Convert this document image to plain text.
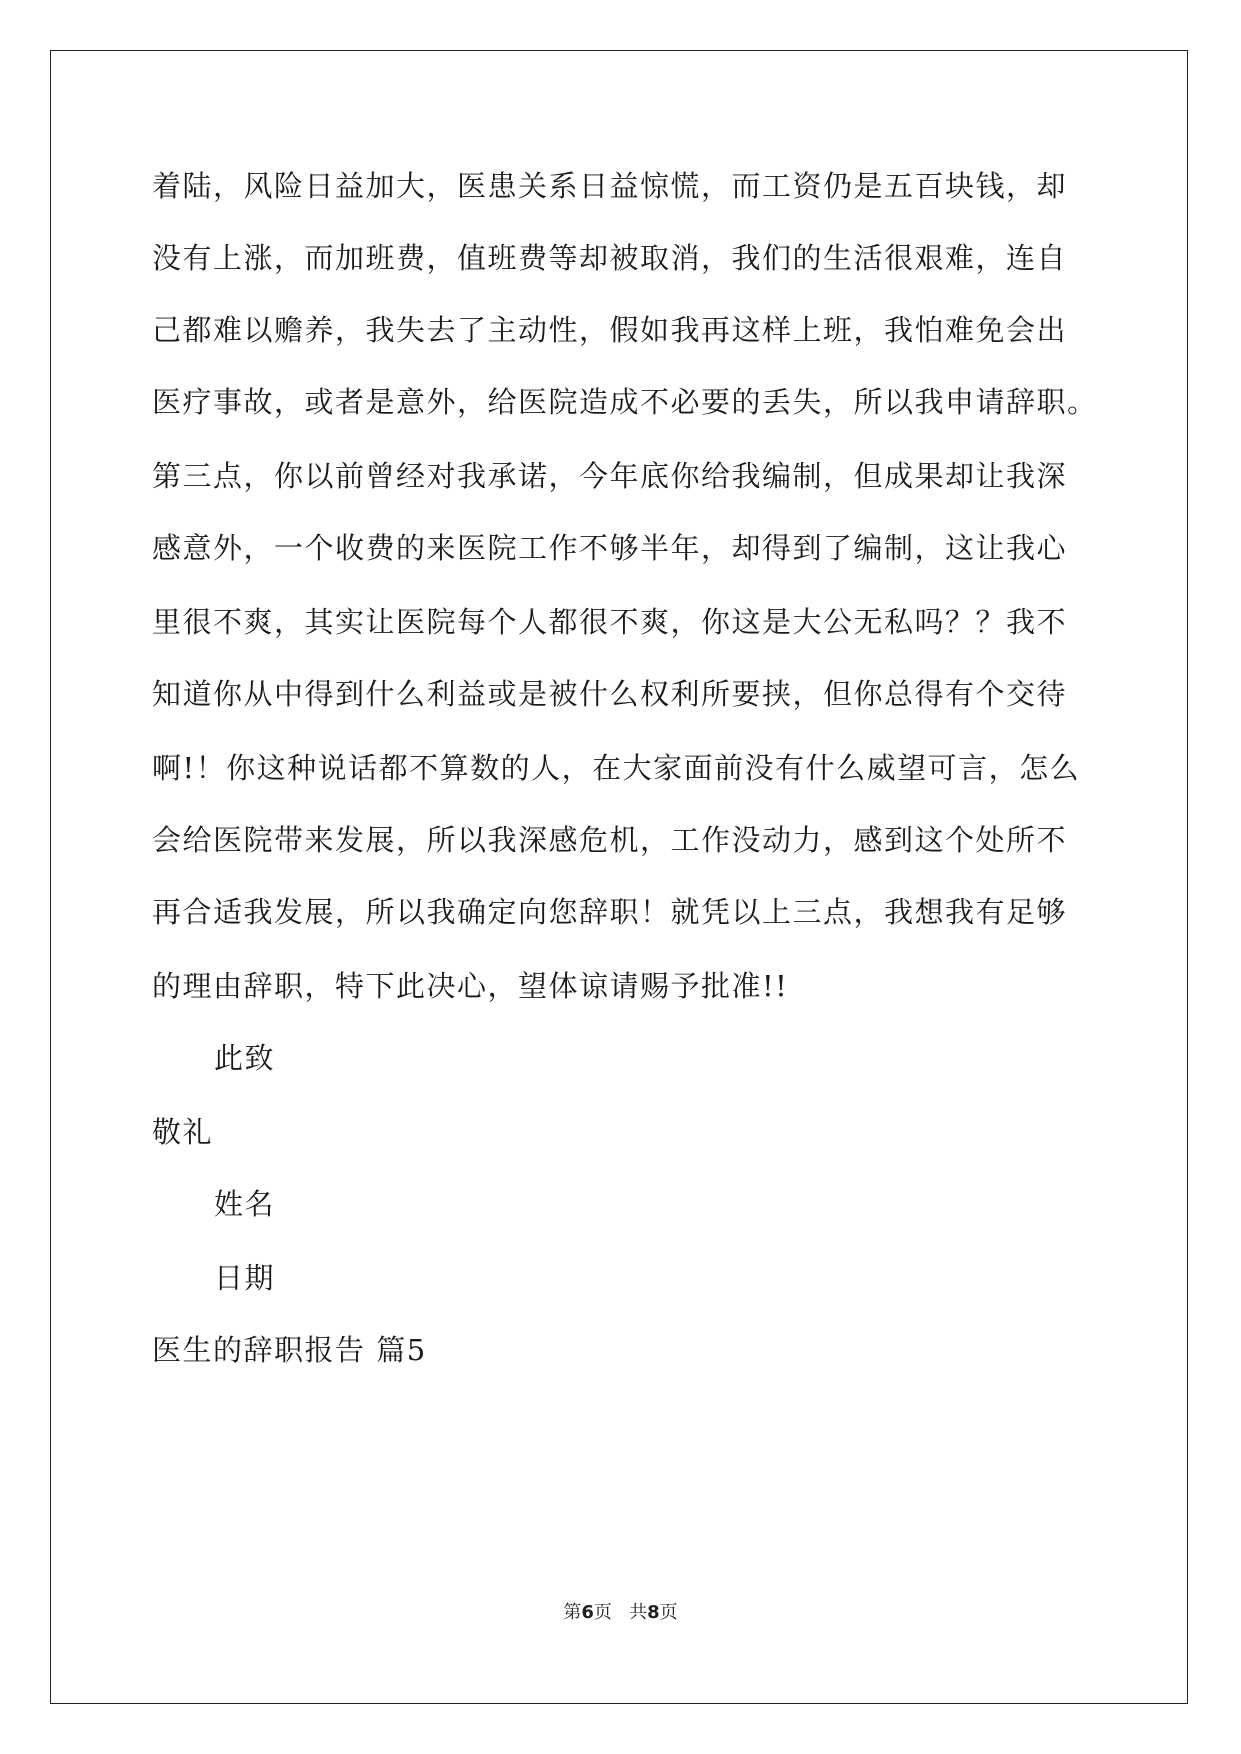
着陆，风险日益加大，医患关系日益惊慌，而工资仍是五百块钱，却
没有上涨，而加班费，值班费等却被取消，我们的生活很艰难，连自
己都难以赡养，我失去了主动性，假如我再这样上班，我怕难免会出
医疗事故，或者是意外，给医院造成不必要的丢失，所以我申请辞职。
第三点，你以前曾经对我承诺，今年底你给我编制，但成果却让我深
感意外，一个收费的来医院工作不够半年，却得到了编制，这让我心
里很不爽，其实让医院每个人都很不爽，你这是大公无私吗？？我不
知道你从中得到什么利益或是被什么权利所要挟，但你总得有个交待
啊!！你这种说话都不算数的人，在大家面前没有什么威望可言，怎么
会给医院带来发展，所以我深感危机，工作没动力，感到这个处所不
再合适我发展，所以我确定向您辞职！就凭以上三点，我想我有足够
的理由辞职，特下此决心，望体谅请赐予批准!!
此致
敬礼
姓名
日期
医生的辞职报告 篇5
第6页   共8页
